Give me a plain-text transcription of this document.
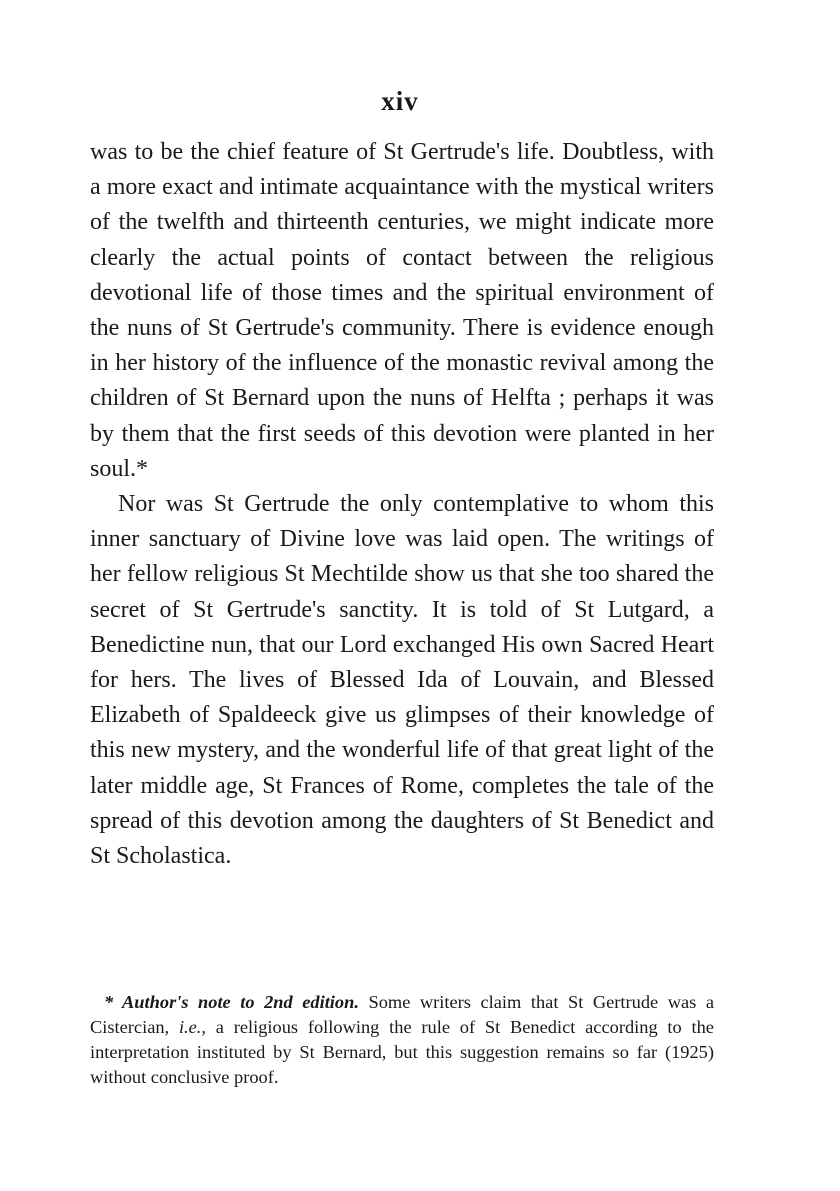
xiv

was to be the chief feature of St Gertrude's life. Doubtless, with a more exact and intimate acquaintance with the mystical writers of the twelfth and thirteenth centuries, we might indicate more clearly the actual points of contact between the religious devotional life of those times and the spiritual environment of the nuns of St Gertrude's community. There is evidence enough in her history of the influence of the monastic revival among the children of St Bernard upon the nuns of Helfta ; perhaps it was by them that the first seeds of this devotion were planted in her soul.*

Nor was St Gertrude the only contemplative to whom this inner sanctuary of Divine love was laid open. The writings of her fellow religious St Mechtilde show us that she too shared the secret of St Gertrude's sanctity. It is told of St Lutgard, a Benedictine nun, that our Lord exchanged His own Sacred Heart for hers. The lives of Blessed Ida of Louvain, and Blessed Elizabeth of Spaldeeck give us glimpses of their knowledge of this new mystery, and the wonderful life of that great light of the later middle age, St Frances of Rome, completes the tale of the spread of this devotion among the daughters of St Benedict and St Scholastica.

* Author's note to 2nd edition. Some writers claim that St Gertrude was a Cistercian, i.e., a religious following the rule of St Benedict according to the interpretation instituted by St Bernard, but this suggestion remains so far (1925) without conclusive proof.
